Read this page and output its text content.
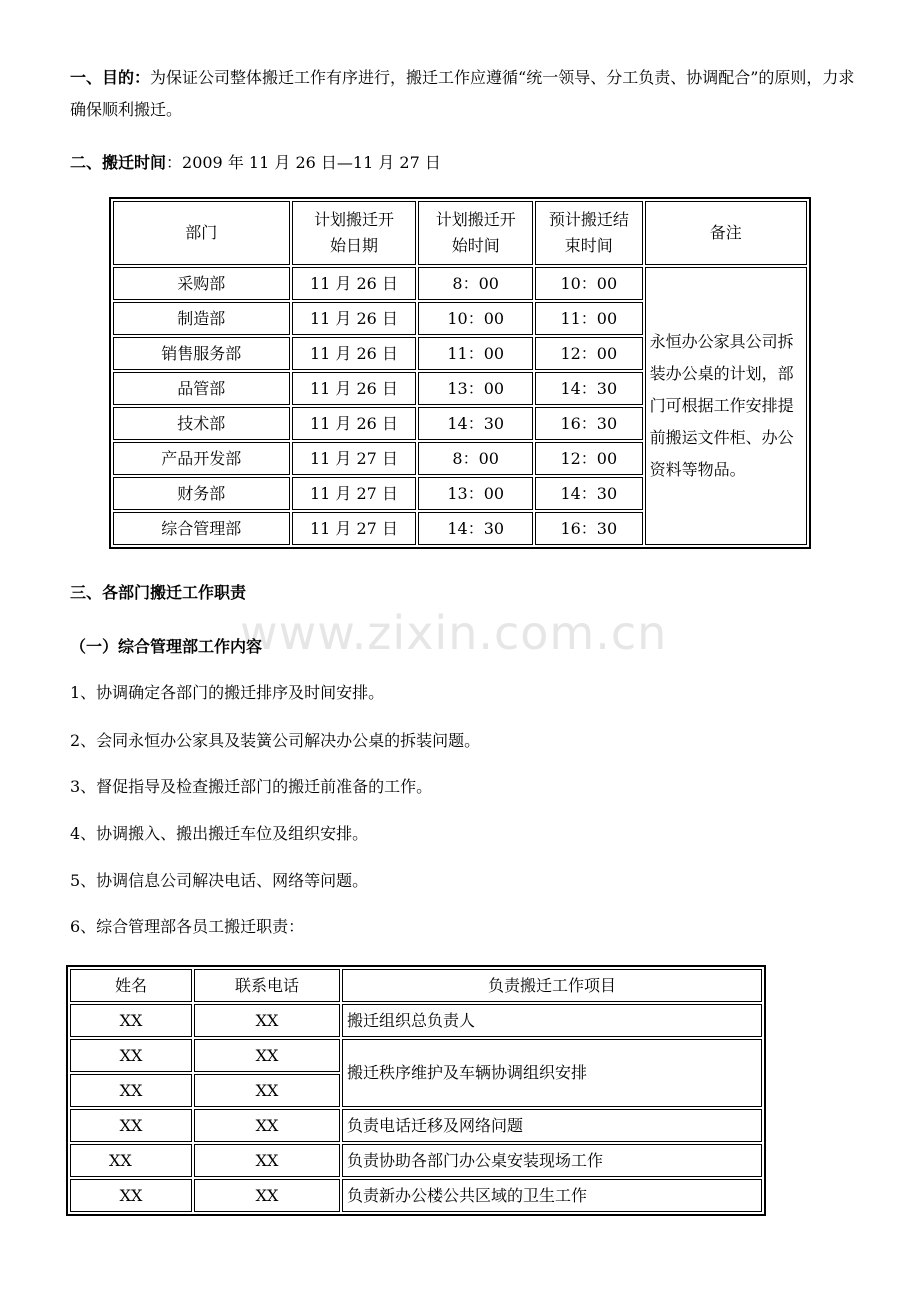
一、目的：为保证公司整体搬迁工作有序进行，搬迁工作应遵循“统一领导、分工负责、协调配合”的原则，力求确保顺利搬迁。
二、搬迁时间：2009 年 11 月 26 日—11 月 27 日
部门	计划搬迁开始日期	计划搬迁开始时间	预计搬迁结束时间	备注
采购部	11 月 26 日	8：00	10：00	永恒办公家具公司拆装办公桌的计划，部门可根据工作安排提前搬运文件柜、办公资料等物品。
制造部	11 月 26 日	10：00	11：00	
销售服务部	11 月 26 日	11：00	12：00	
品管部	11 月 26 日	13：00	14：30	
技术部	11 月 26 日	14：30	16：30	
产品开发部	11 月 27 日	8：00	12：00	
财务部	11 月 27 日	13：00	14：30	
综合管理部	11 月 27 日	14：30	16：30	
三、各部门搬迁工作职责
www.zixin.com.cn
（一）综合管理部工作内容
1、协调确定各部门的搬迁排序及时间安排。
2、会同永恒办公家具及装簧公司解决办公桌的拆装问题。
3、督促指导及检查搬迁部门的搬迁前准备的工作。
4、协调搬入、搬出搬迁车位及组织安排。
5、协调信息公司解决电话、网络等问题。
6、综合管理部各员工搬迁职责：
姓名	联系电话	负责搬迁工作项目
XX	XX	搬迁组织总负责人
XX	XX	搬迁秩序维护及车辆协调组织安排
XX	XX	
XX	XX	负责电话迁移及网络问题
XX	XX	负责协助各部门办公桌安装现场工作
XX	XX	负责新办公楼公共区域的卫生工作
